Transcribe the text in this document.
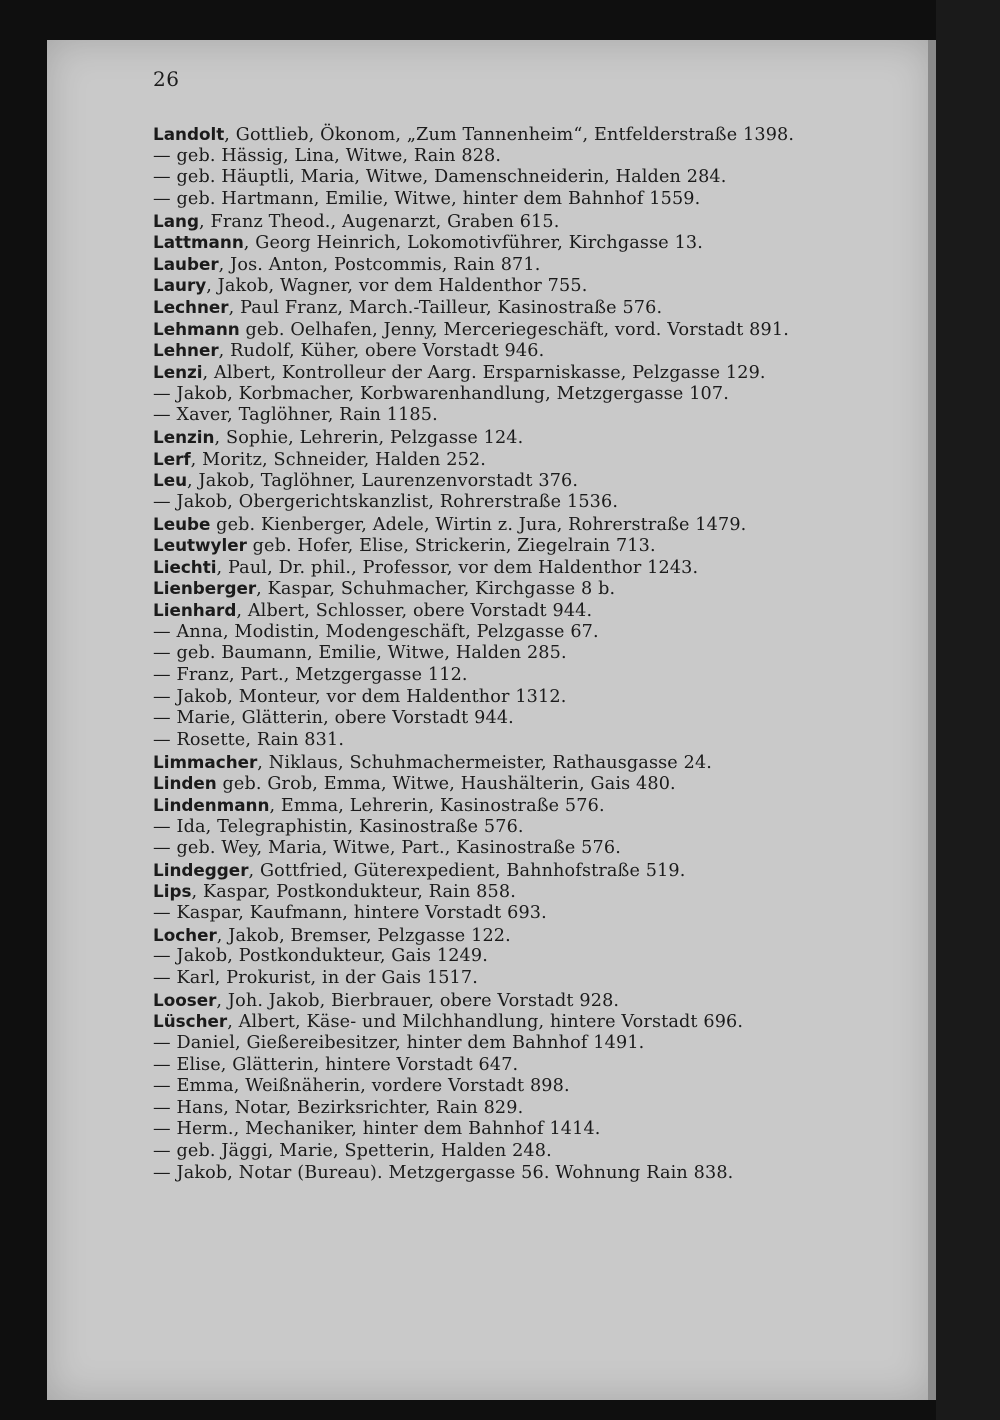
26
Landolt, Gottlieb, Ökonom, „Zum Tannenheim“, Entfelderstraße 1398.
— geb. Hässig, Lina, Witwe, Rain 828.
— geb. Häuptli, Maria, Witwe, Damenschneiderin, Halden 284.
— geb. Hartmann, Emilie, Witwe, hinter dem Bahnhof 1559.
Lang, Franz Theod., Augenarzt, Graben 615.
Lattmann, Georg Heinrich, Lokomotivführer, Kirchgasse 13.
Lauber, Jos. Anton, Postcommis, Rain 871.
Laury, Jakob, Wagner, vor dem Haldenthor 755.
Lechner, Paul Franz, March.-Tailleur, Kasinostraße 576.
Lehmann geb. Oelhafen, Jenny, Merceriegeschäft, vord. Vorstadt 891.
Lehner, Rudolf, Küher, obere Vorstadt 946.
Lenzi, Albert, Kontrolleur der Aarg. Ersparniskasse, Pelzgasse 129.
— Jakob, Korbmacher, Korbwarenhandlung, Metzgergasse 107.
— Xaver, Taglöhner, Rain 1185.
Lenzin, Sophie, Lehrerin, Pelzgasse 124.
Lerf, Moritz, Schneider, Halden 252.
Leu, Jakob, Taglöhner, Laurenzenvorstadt 376.
— Jakob, Obergerichtskanzlist, Rohrerstraße 1536.
Leube geb. Kienberger, Adele, Wirtin z. Jura, Rohrerstraße 1479.
Leutwyler geb. Hofer, Elise, Strickerin, Ziegelrain 713.
Liechti, Paul, Dr. phil., Professor, vor dem Haldenthor 1243.
Lienberger, Kaspar, Schuhmacher, Kirchgasse 8 b.
Lienhard, Albert, Schlosser, obere Vorstadt 944.
— Anna, Modistin, Modengeschäft, Pelzgasse 67.
— geb. Baumann, Emilie, Witwe, Halden 285.
— Franz, Part., Metzgergasse 112.
— Jakob, Monteur, vor dem Haldenthor 1312.
— Marie, Glätterin, obere Vorstadt 944.
— Rosette, Rain 831.
Limmacher, Niklaus, Schuhmachermeister, Rathausgasse 24.
Linden geb. Grob, Emma, Witwe, Haushälterin, Gais 480.
Lindenmann, Emma, Lehrerin, Kasinostraße 576.
— Ida, Telegraphistin, Kasinostraße 576.
— geb. Wey, Maria, Witwe, Part., Kasinostraße 576.
Lindegger, Gottfried, Güterexpedient, Bahnhofstraße 519.
Lips, Kaspar, Postkondukteur, Rain 858.
— Kaspar, Kaufmann, hintere Vorstadt 693.
Locher, Jakob, Bremser, Pelzgasse 122.
— Jakob, Postkondukteur, Gais 1249.
— Karl, Prokurist, in der Gais 1517.
Looser, Joh. Jakob, Bierbrauer, obere Vorstadt 928.
Lüscher, Albert, Käse- und Milchhandlung, hintere Vorstadt 696.
— Daniel, Gießereibesitzer, hinter dem Bahnhof 1491.
— Elise, Glätterin, hintere Vorstadt 647.
— Emma, Weißnäherin, vordere Vorstadt 898.
— Hans, Notar, Bezirksrichter, Rain 829.
— Herm., Mechaniker, hinter dem Bahnhof 1414.
— geb. Jäggi, Marie, Spetterin, Halden 248.
— Jakob, Notar (Bureau). Metzgergasse 56. Wohnung Rain 838.
